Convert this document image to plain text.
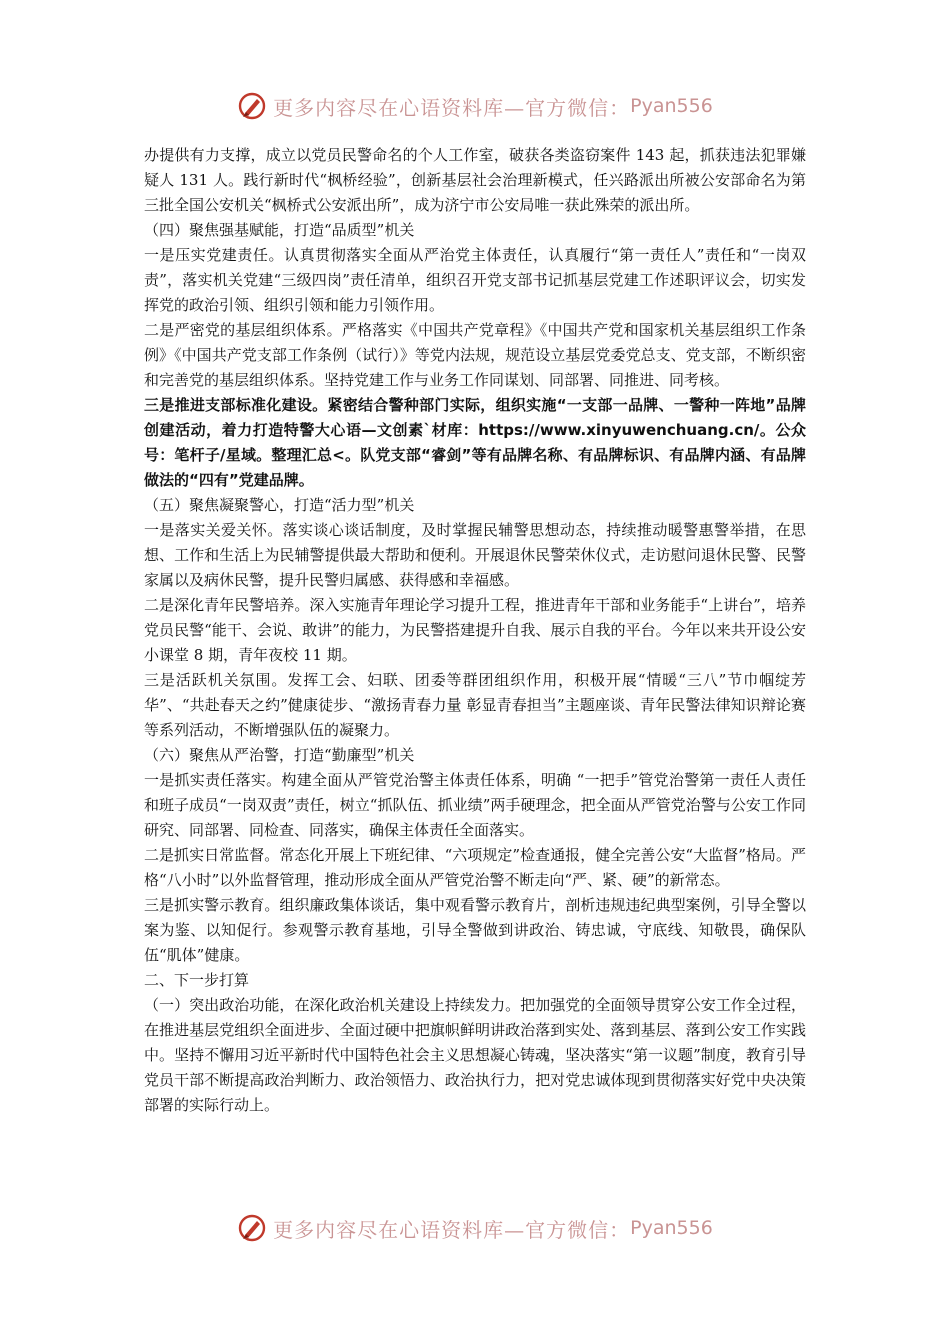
更多内容尽在心语资料库—官方微信： Pyan556

办提供有力支撑，成立以党员民警命名的个人工作室，破获各类盗窃案件 143 起，抓获违法犯罪嫌疑人 131 人。践行新时代“枫桥经验”，创新基层社会治理新模式，任兴路派出所被公安部命名为第三批全国公安机关“枫桥式公安派出所”，成为济宁市公安局唯一获此殊荣的派出所。

（四）聚焦强基赋能，打造“品质型”机关

一是压实党建责任。认真贯彻落实全面从严治党主体责任，认真履行“第一责任人”责任和“一岗双责”，落实机关党建“三级四岗”责任清单，组织召开党支部书记抓基层党建工作述职评议会，切实发挥党的政治引领、组织引领和能力引领作用。

二是严密党的基层组织体系。严格落实《中国共产党章程》《中国共产党和国家机关基层组织工作条例》《中国共产党支部工作条例（试行）》等党内法规，规范设立基层党委党总支、党支部，不断织密和完善党的基层组织体系。坚持党建工作与业务工作同谋划、同部署、同推进、同考核。

三是推进支部标准化建设。紧密结合警种部门实际，组织实施“一支部一品牌、一警种一阵地”品牌创建活动，着力打造特警大心语—文创素`材库：https://www.xinyuwenchuang.cn/。公众号：笔杆子/星域。整理汇总<。队党支部“睿剑”等有品牌名称、有品牌标识、有品牌内涵、有品牌做法的“四有”党建品牌。

（五）聚焦凝聚警心，打造“活力型”机关

一是落实关爱关怀。落实谈心谈话制度，及时掌握民辅警思想动态，持续推动暖警惠警举措，在思想、工作和生活上为民辅警提供最大帮助和便利。开展退休民警荣休仪式，走访慰问退休民警、民警家属以及病休民警，提升民警归属感、获得感和幸福感。

二是深化青年民警培养。深入实施青年理论学习提升工程，推进青年干部和业务能手“上讲台”，培养党员民警“能干、会说、敢讲”的能力，为民警搭建提升自我、展示自我的平台。今年以来共开设公安小课堂 8 期，青年夜校 11 期。

三是活跃机关氛围。发挥工会、妇联、团委等群团组织作用，积极开展“情暖“三八”节巾帼绽芳华”、“共赴春天之约”健康徒步、“激扬青春力量 彰显青春担当”主题座谈、青年民警法律知识辩论赛等系列活动，不断增强队伍的凝聚力。

（六）聚焦从严治警，打造“勤廉型”机关

一是抓实责任落实。构建全面从严管党治警主体责任体系，明确 “一把手”管党治警第一责任人责任和班子成员“一岗双责”责任，树立“抓队伍、抓业绩”两手硬理念，把全面从严管党治警与公安工作同研究、同部署、同检查、同落实，确保主体责任全面落实。

二是抓实日常监督。常态化开展上下班纪律、“六项规定”检查通报，健全完善公安“大监督”格局。严格“八小时”以外监督管理，推动形成全面从严管党治警不断走向“严、紧、硬”的新常态。

三是抓实警示教育。组织廉政集体谈话，集中观看警示教育片，剖析违规违纪典型案例，引导全警以案为鉴、以知促行。参观警示教育基地，引导全警做到讲政治、铸忠诚，守底线、知敬畏，确保队伍“肌体”健康。

二、下一步打算

（一）突出政治功能，在深化政治机关建设上持续发力。把加强党的全面领导贯穿公安工作全过程，在推进基层党组织全面进步、全面过硬中把旗帜鲜明讲政治落到实处、落到基层、落到公安工作实践中。坚持不懈用习近平新时代中国特色社会主义思想凝心铸魂，坚决落实“第一议题”制度，教育引导党员干部不断提高政治判断力、政治领悟力、政治执行力，把对党忠诚体现到贯彻落实好党中央决策部署的实际行动上。

更多内容尽在心语资料库—官方微信： Pyan556
